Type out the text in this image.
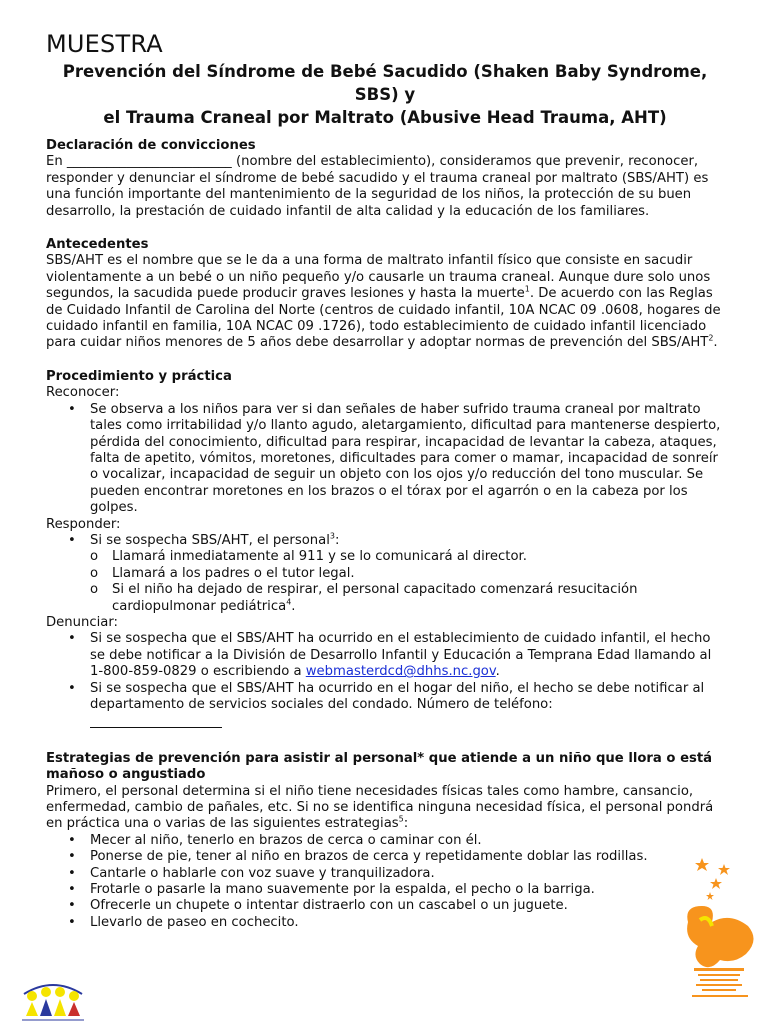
MUESTRA
Prevención del Síndrome de Bebé Sacudido (Shaken Baby Syndrome, SBS) y
el Trauma Craneal por Maltrato (Abusive Head Trauma, AHT)
Declaración de convicciones

En _________________________ (nombre del establecimiento), consideramos que prevenir, reconocer, responder y denunciar el síndrome de bebé sacudido y el trauma craneal por maltrato (SBS/AHT) es una función importante del mantenimiento de la seguridad de los niños, la protección de su buen desarrollo, la prestación de cuidado infantil de alta calidad y la educación de los familiares.

Antecedentes

SBS/AHT es el nombre que se le da a una forma de maltrato infantil físico que consiste en sacudir violentamente a un bebé o un niño pequeño y/o causarle un trauma craneal. Aunque dure solo unos segundos, la sacudida puede producir graves lesiones y hasta la muerte$^1$. De acuerdo con las Reglas de Cuidado Infantil de Carolina del Norte (centros de cuidado infantil, 10A NCAC 09 .0608, hogares de cuidado infantil en familia, 10A NCAC 09 .1726), todo establecimiento de cuidado infantil licenciado para cuidar niños menores de 5 años debe desarrollar y adoptar normas de prevención del SBS/AHT$^2$.

Procedimiento y práctica

Reconocer:

• Se observa a los niños para ver si dan señales de haber sufrido trauma craneal por maltrato tales como irritabilidad y/o llanto agudo, aletargamiento, dificultad para mantenerse despierto, pérdida del conocimiento, dificultad para respirar, incapacidad de levantar la cabeza, ataques, falta de apetito, vómitos, moretones, dificultades para comer o mamar, incapacidad de sonreír o vocalizar, incapacidad de seguir un objeto con los ojos y/o reducción del tono muscular. Se pueden encontrar moretones en los brazos o el tórax por el agarrón o en la cabeza por los golpes.

Responder:

• Si se sospecha SBS/AHT, el personal$^3$:
o Llamará inmediatamente al 911 y se lo comunicará al director.
o Llamará a los padres o el tutor legal.
o Si el niño ha dejado de respirar, el personal capacitado comenzará resucitación cardiopulmonar pediátrica$^4$.

Denunciar:

• Si se sospecha que el SBS/AHT ha ocurrido en el establecimiento de cuidado infantil, el hecho se debe notificar a la División de Desarrollo Infantil y Educación a Temprana Edad llamando al 1-800-859-0829 o escribiendo a webmasterdcd@dhhs.nc.gov.
• Si se sospecha que el SBS/AHT ha ocurrido en el hogar del niño, el hecho se debe notificar al departamento de servicios sociales del condado. Número de teléfono:

Estrategias de prevención para asistir al personal* que atiende a un niño que llora o está mañoso o angustiado

Primero, el personal determina si el niño tiene necesidades físicas tales como hambre, cansancio, enfermedad, cambio de pañales, etc. Si no se identifica ninguna necesidad física, el personal pondrá en práctica una o varias de las siguientes estrategias$^5$:

• Mecer al niño, tenerlo en brazos de cerca o caminar con él.
• Ponerse de pie, tener al niño en brazos de cerca y repetidamente doblar las rodillas.
• Cantarle o hablarle con voz suave y tranquilizadora.
• Frotarle o pasarle la mano suavemente por la espalda, el pecho o la barriga.
• Ofrecerle un chupete o intentar distraerlo con un cascabel o un juguete.
• Llevarlo de paseo en cochecito.
